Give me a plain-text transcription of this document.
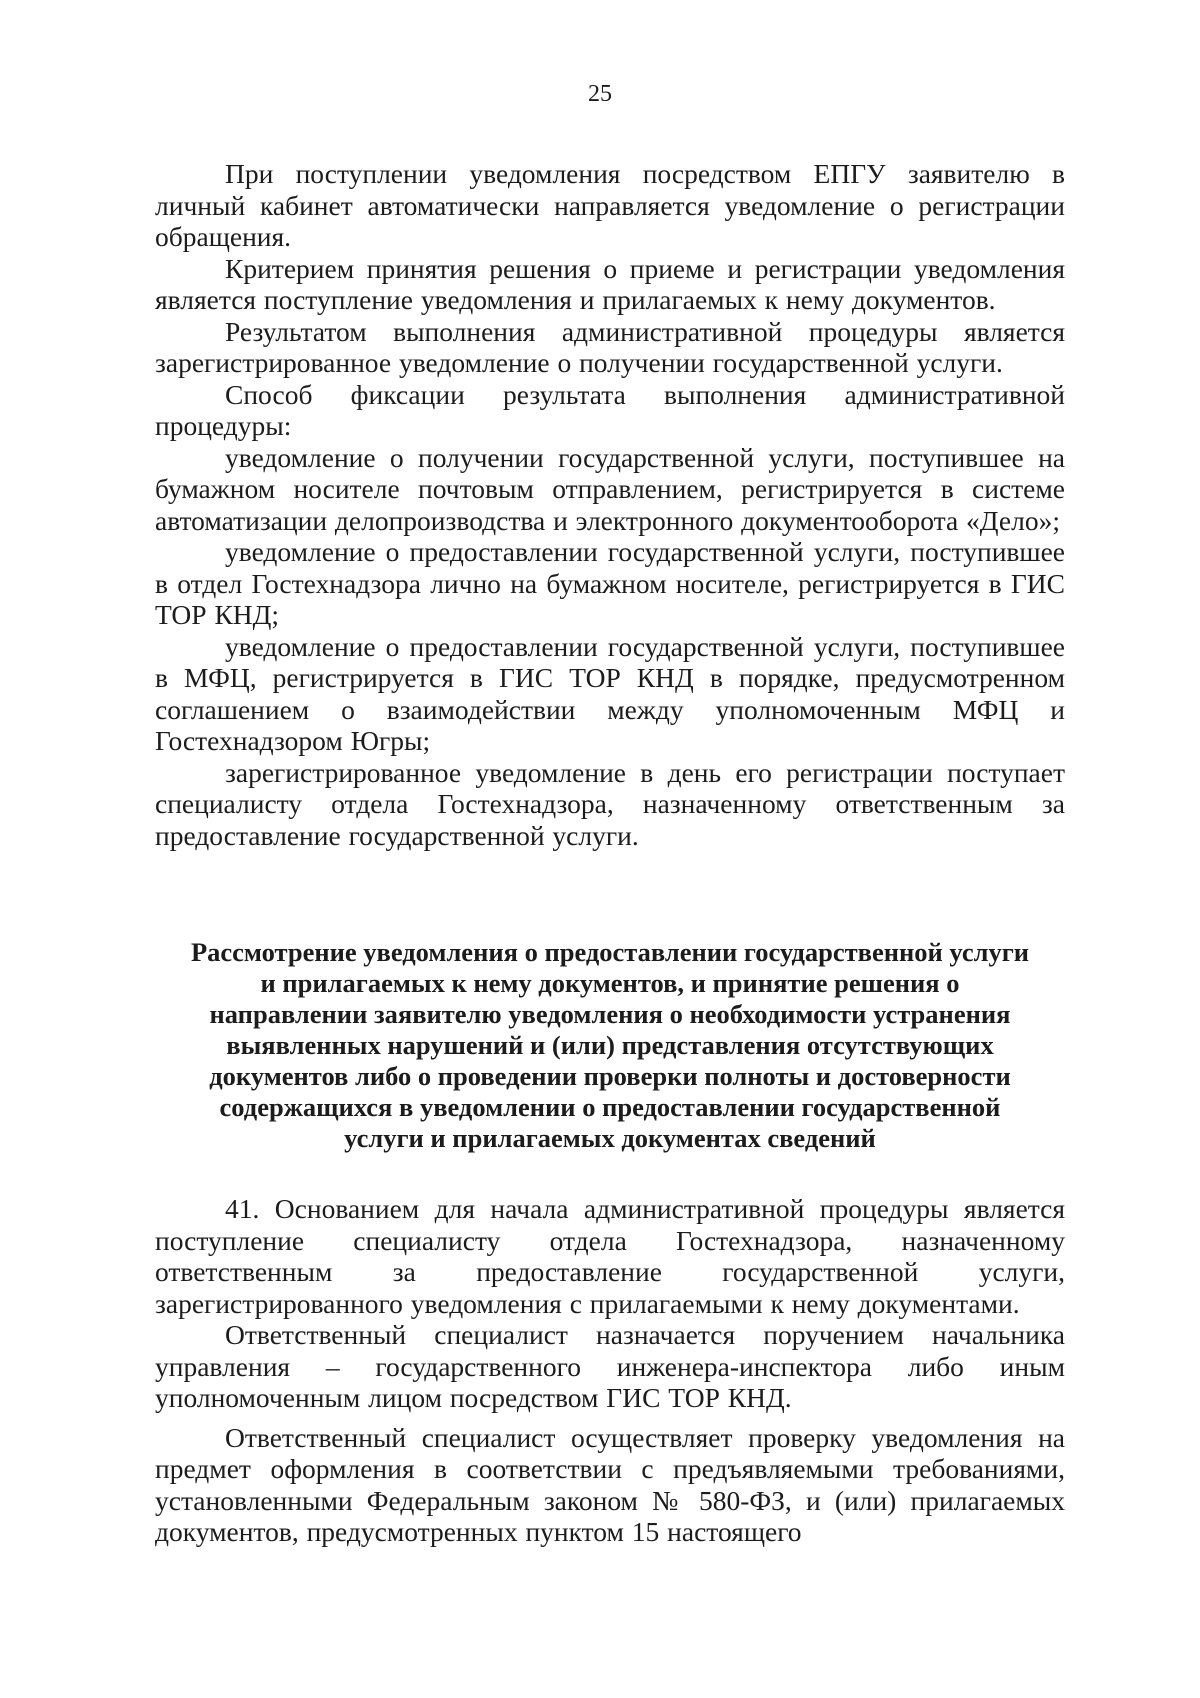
25

При поступлении уведомления посредством ЕПГУ заявителю в личный кабинет автоматически направляется уведомление о регистрации обращения.

Критерием принятия решения о приеме и регистрации уведомления является поступление уведомления и прилагаемых к нему документов.

Результатом выполнения административной процедуры является зарегистрированное уведомление о получении государственной услуги.

Способ фиксации результата выполнения административной процедуры:

уведомление о получении государственной услуги, поступившее на бумажном носителе почтовым отправлением, регистрируется в системе автоматизации делопроизводства и электронного документооборота «Дело»;

уведомление о предоставлении государственной услуги, поступившее в отдел Гостехнадзора лично на бумажном носителе, регистрируется в ГИС ТОР КНД;

уведомление о предоставлении государственной услуги, поступившее в МФЦ, регистрируется в ГИС ТОР КНД в порядке, предусмотренном соглашением о взаимодействии между уполномоченным МФЦ и Гостехнадзором Югры;

зарегистрированное уведомление в день его регистрации поступает специалисту отдела Гостехнадзора, назначенному ответственным за предоставление государственной услуги.

Рассмотрение уведомления о предоставлении государственной услуги
и прилагаемых к нему документов, и принятие решения о
направлении заявителю уведомления о необходимости устранения
выявленных нарушений и (или) представления отсутствующих
документов либо о проведении проверки полноты и достоверности
содержащихся в уведомлении о предоставлении государственной
услуги и прилагаемых документах сведений

41. Основанием для начала административной процедуры является поступление специалисту отдела Гостехнадзора, назначенному ответственным за предоставление государственной услуги, зарегистрированного уведомления с прилагаемыми к нему документами.

Ответственный специалист назначается поручением начальника управления – государственного инженера-инспектора либо иным уполномоченным лицом посредством ГИС ТОР КНД.

Ответственный специалист осуществляет проверку уведомления на предмет оформления в соответствии с предъявляемыми требованиями, установленными Федеральным законом № 580-ФЗ, и (или) прилагаемых документов, предусмотренных пунктом 15 настоящего
